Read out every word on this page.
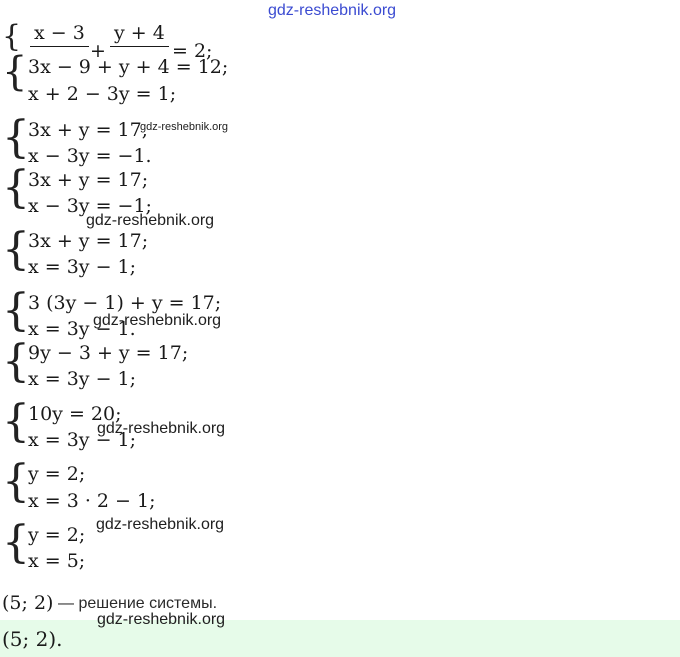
gdz-reshebnik.org
{ x − 3
+
y + 4
= 2;
{ 3x − 9 + y + 4 = 12;
x + 2 − 3y = 1;
{
3x + y = 17,
x − 3y = −1.
gdz-reshebnik.org
{
3x + y = 17;
x − 3y = −1;
gdz-reshebnik.org
{
3x + y = 17;
x = 3y − 1;
{
3 (3y − 1) + y = 17;
x = 3y − 1.
gdz-reshebnik.org
{
9y − 3 + y = 17;
x = 3y − 1;
{
10y = 20;
x = 3y − 1;
gdz-reshebnik.org
{
y = 2;
x = 3 · 2 − 1;
{
y = 2;
x = 5;
gdz-reshebnik.org
(5; 2) — решение системы.
gdz-reshebnik.org
(5; 2).
